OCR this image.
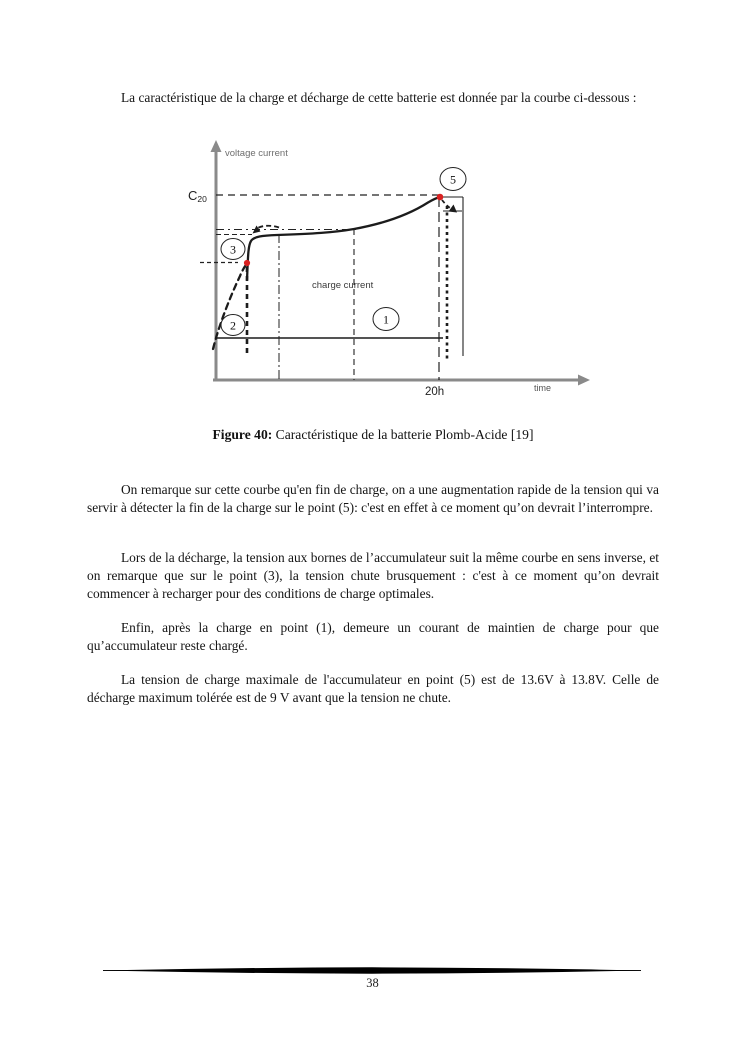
La caractéristique de la charge et décharge de cette batterie est donnée par la courbe ci-dessous :

voltage current
time
C20
20h
3
2	1
5
charge current

Figure 40: Caractéristique de la batterie Plomb-Acide [19]

On remarque sur cette courbe qu'en fin de charge, on a une augmentation rapide de la tension qui va servir à détecter la fin de la charge sur le point (5): c'est en effet à ce moment qu’on devrait l’interrompre.

Lors de la décharge, la tension aux bornes de l’accumulateur suit la même courbe en sens inverse, et on remarque que sur le point (3), la tension chute brusquement : c'est à ce moment qu’on devrait commencer à recharger pour des conditions de charge optimales.

Enfin, après la charge en point (1), demeure un courant de maintien de charge pour que qu’accumulateur reste chargé.

La tension de charge maximale de l'accumulateur en point (5) est de 13.6V à 13.8V. Celle de décharge maximum tolérée est de 9 V avant que la tension ne chute.

38
